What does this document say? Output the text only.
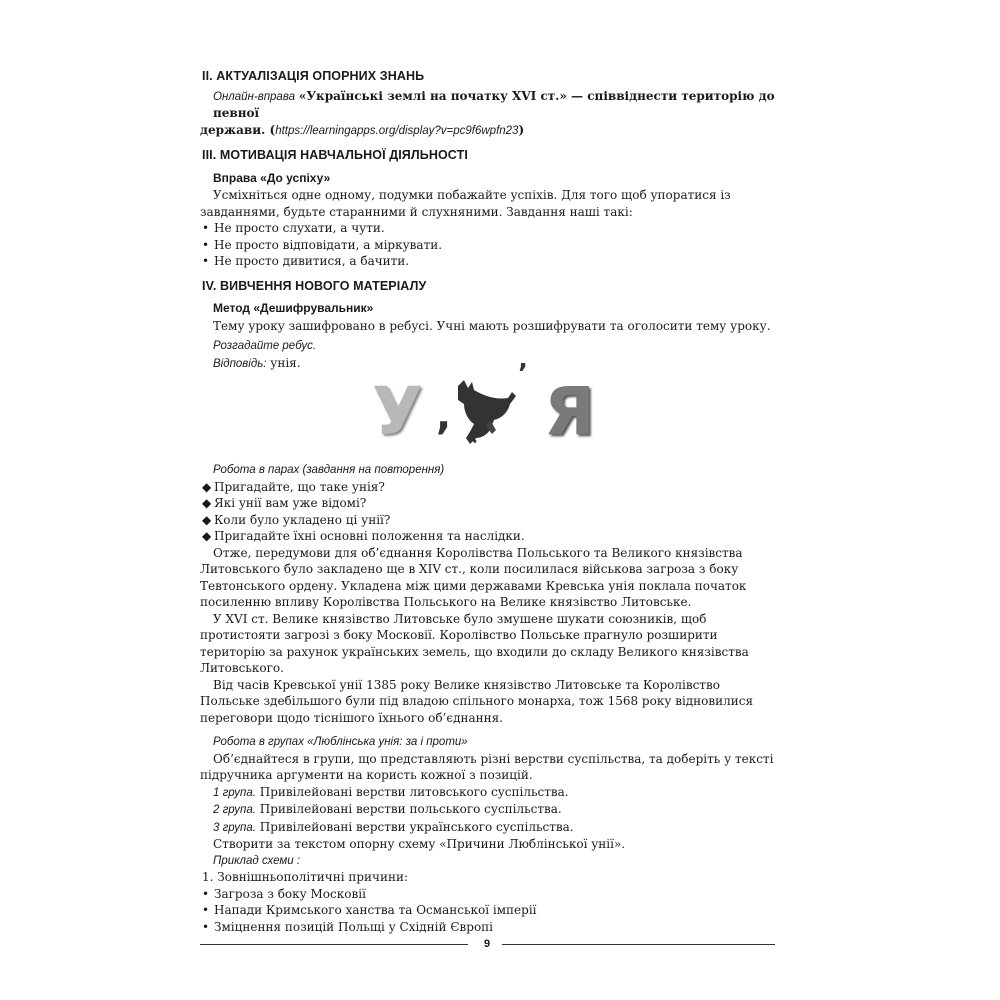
II. АКТУАЛІЗАЦІЯ ОПОРНИХ ЗНАНЬ

Онлайн-вправа «Українські землі на початку XVI ст.» — співвіднести територію до певної

держави. (https://learningapps.org/display?v=pc9f6wpfn23)

III. МОТИВАЦІЯ НАВЧАЛЬНОЇ ДІЯЛЬНОСТІ
Вправа «До успіху»

Усміхніться одне одному, подумки побажайте успіхів. Для того щоб упоратися із завданнями, будьте старанними й слухняними. Завдання наші такі:

• Не просто слухати, а чути.
• Не просто відповідати, а міркувати.
• Не просто дивитися, а бачити.
IV. ВИВЧЕННЯ НОВОГО МАТЕРІАЛУ
Метод «Дешифрувальник»

Тему уроку зашифровано в ребусі. Учні мають розшифрувати та оголосити тему уроку.

Розгадайте ребус.

Відповідь: унія.

У ,
’ Я

Робота в парах (завдання на повторення)

◆ Пригадайте, що таке унія?
◆ Які унії вам уже відомі?
◆ Коли було укладено ці унії?
◆ Пригадайте їхні основні положення та наслідки.

Отже, передумови для об’єднання Королівства Польського та Великого князівства Литовського було закладено ще в XIV ст., коли посилилася військова загроза з боку Тевтонського ордену. Укладена між цими державами Кревська унія поклала початок посиленню впливу Королівства Польського на Велике князівство Литовське.

У XVI ст. Велике князівство Литовське було змушене шукати союзників, щоб протистояти загрозі з боку Московії. Королівство Польське прагнуло розширити територію за рахунок українських земель, що входили до складу Великого князівства Литовського.

Від часів Кревської унії 1385 року Велике князівство Литовське та Королівство Польське здебільшого були під владою спільного монарха, тож 1568 року відновилися переговори щодо тіснішого їхнього об’єднання.

Робота в групах «Люблінська унія: за і проти»

Об’єднайтеся в групи, що представляють різні верстви суспільства, та доберіть у тексті підручника аргументи на користь кожної з позицій.

1 група. Привілейовані верстви литовського суспільства.

2 група. Привілейовані верстви польського суспільства.

3 група. Привілейовані верстви українського суспільства.

Створити за текстом опорну схему «Причини Люблінської унії».

Приклад схеми :

1. Зовнішньополітичні причини:

• Загроза з боку Московії
• Напади Кримського ханства та Османської імперії
• Зміцнення позицій Польщі у Східній Європі
9
